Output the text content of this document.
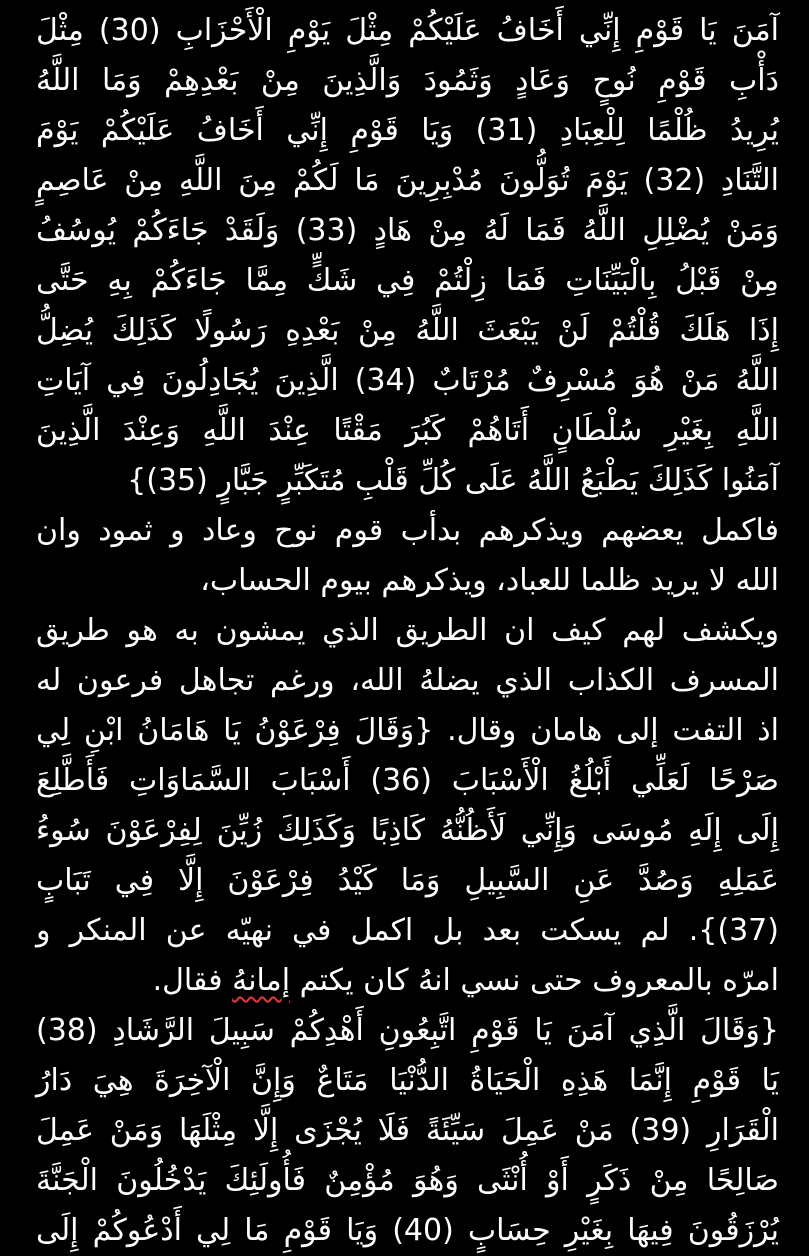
آمَنَ يَا قَوْمِ إِنِّي أَخَافُ عَلَيْكُمْ مِثْلَ يَوْمِ الْأَحْزَابِ (30) مِثْلَ
دَأْبِ قَوْمِ نُوحٍ وَعَادٍ وَثَمُودَ وَالَّذِينَ مِنْ بَعْدِهِمْ وَمَا اللَّهُ
يُرِيدُ ظُلْمًا لِلْعِبَادِ (31) وَيَا قَوْمِ إِنِّي أَخَافُ عَلَيْكُمْ يَوْمَ
التَّنَادِ (32) يَوْمَ تُوَلُّونَ مُدْبِرِينَ مَا لَكُمْ مِنَ اللَّهِ مِنْ عَاصِمٍ
وَمَنْ يُضْلِلِ اللَّهُ فَمَا لَهُ مِنْ هَادٍ (33) وَلَقَدْ جَاءَكُمْ يُوسُفُ
مِنْ قَبْلُ بِالْبَيِّنَاتِ فَمَا زِلْتُمْ فِي شَكٍّ مِمَّا جَاءَكُمْ بِهِ حَتَّى
إِذَا هَلَكَ قُلْتُمْ لَنْ يَبْعَثَ اللَّهُ مِنْ بَعْدِهِ رَسُولًا كَذَلِكَ يُضِلُّ
اللَّهُ مَنْ هُوَ مُسْرِفٌ مُرْتَابٌ (34) الَّذِينَ يُجَادِلُونَ فِي آيَاتِ
اللَّهِ بِغَيْرِ سُلْطَانٍ أَتَاهُمْ كَبُرَ مَقْتًا عِنْدَ اللَّهِ وَعِنْدَ الَّذِينَ
آمَنُوا كَذَلِكَ يَطْبَعُ اللَّهُ عَلَى كُلِّ قَلْبِ مُتَكَبِّرٍ جَبَّارٍ (35)}
فاكمل يعضهم ويذكرهم بدأب قوم نوح وعاد و ثمود وان
الله لا يريد ظلما للعباد، ويذكرهم بيوم الحساب،
ويكشف لهم كيف ان الطريق الذي يمشون به هو طريق
المسرف الكذاب الذي يضلهُ الله، ورغم تجاهل فرعون له
اذ التفت إلى هامان وقال. {وَقَالَ فِرْعَوْنُ يَا هَامَانُ ابْنِ لِي
صَرْحًا لَعَلِّي أَبْلُغُ الْأَسْبَابَ (36) أَسْبَابَ السَّمَاوَاتِ فَأَطَّلِعَ
إِلَى إِلَهِ مُوسَى وَإِنِّي لَأَظُنُّهُ كَاذِبًا وَكَذَلِكَ زُيِّنَ لِفِرْعَوْنَ سُوءُ
عَمَلِهِ وَصُدَّ عَنِ السَّبِيلِ وَمَا كَيْدُ فِرْعَوْنَ إِلَّا فِي تَبَابٍ
(37)}. لم يسكت بعد بل اكمل في نهيّه عن المنكر و
امرّه بالمعروف حتى نسي انهُ كان يكتم إمانهُ فقال.
{وَقَالَ الَّذِي آمَنَ يَا قَوْمِ اتَّبِعُونِ أَهْدِكُمْ سَبِيلَ الرَّشَادِ (38)
يَا قَوْمِ إِنَّمَا هَذِهِ الْحَيَاةُ الدُّنْيَا مَتَاعٌ وَإِنَّ الْآخِرَةَ هِيَ دَارُ
الْقَرَارِ (39) مَنْ عَمِلَ سَيِّئَةً فَلَا يُجْزَى إِلَّا مِثْلَهَا وَمَنْ عَمِلَ
صَالِحًا مِنْ ذَكَرٍ أَوْ أُنْثَى وَهُوَ مُؤْمِنٌ فَأُولَئِكَ يَدْخُلُونَ الْجَنَّةَ
يُرْزَقُونَ فِيهَا بِغَيْرِ حِسَابٍ (40) وَيَا قَوْمِ مَا لِي أَدْعُوكُمْ إِلَى
